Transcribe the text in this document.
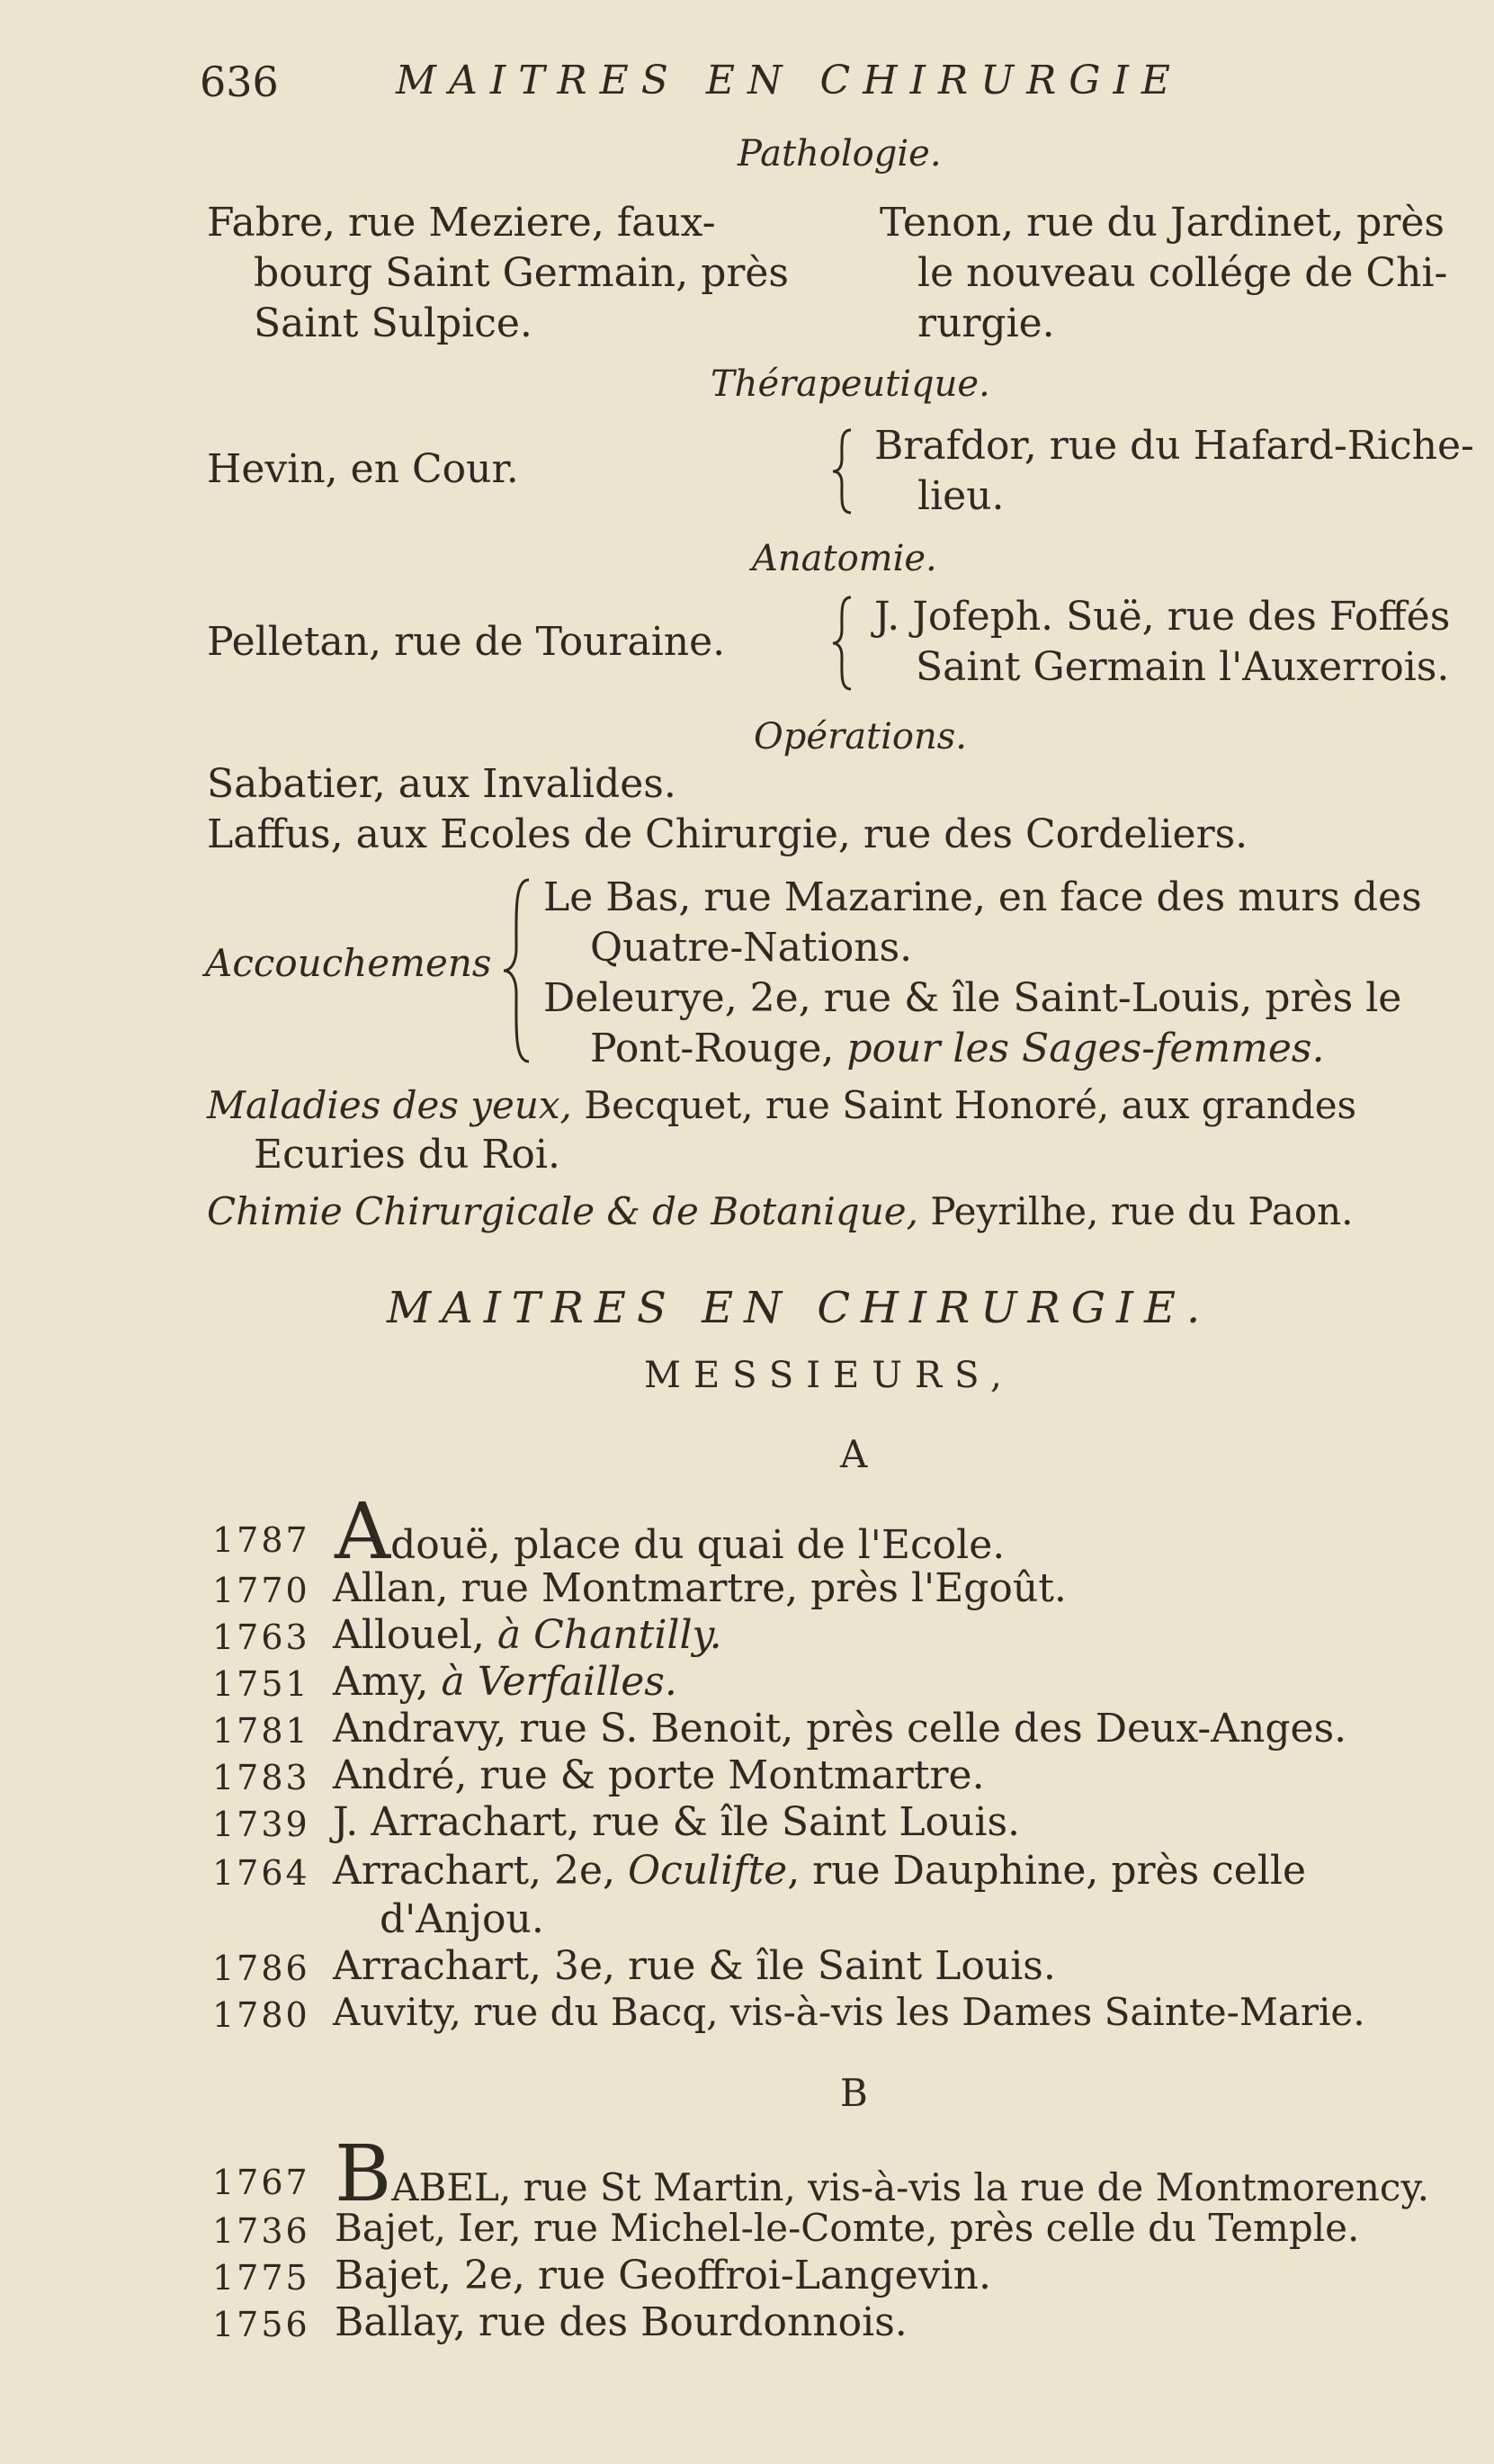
636	MAITRES EN CHIRURGIE
Pathologie.
Fabre, rue Meziere, faux-
bourg Saint Germain, près
Saint Sulpice.
Tenon, rue du Jardinet, près
le nouveau collége de Chi-
rurgie.
Thérapeutique.
Hevin, en Cour.
Brafdor, rue du Hafard-Riche-
lieu.
Anatomie.
Pelletan, rue de Touraine.
J. Jofeph. Suë, rue des Foffés
Saint Germain l'Auxerrois.
Opérations.
Sabatier, aux Invalides.
Laffus, aux Ecoles de Chirurgie, rue des Cordeliers.
Accouchemens
Le Bas, rue Mazarine, en face des murs des
Quatre-Nations.
Deleurye, 2e, rue & île Saint-Louis, près le
Pont-Rouge, pour les Sages-femmes.
Maladies des yeux, Becquet, rue Saint Honoré, aux grandes
Ecuries du Roi.
Chimie Chirurgicale & de Botanique, Peyrilhe, rue du Paon.
MAITRES EN CHIRURGIE.
MESSIEURS,
A
1787 Adouë, place du quai de l'Ecole.
1770 Allan, rue Montmartre, près l'Egoût.
1763 Allouel, à Chantilly.
1751 Amy, à Verfailles.
1781 Andravy, rue S. Benoit, près celle des Deux-Anges.
1783 André, rue & porte Montmartre.
1739 J. Arrachart, rue & île Saint Louis.
1764 Arrachart, 2e, Oculifte, rue Dauphine, près celle
d'Anjou.
1786 Arrachart, 3e, rue & île Saint Louis.
1780 Auvity, rue du Bacq, vis-à-vis les Dames Sainte-Marie.
B
1767 BABEL, rue St Martin, vis-à-vis la rue de Montmorency.
1736 Bajet, Ier, rue Michel-le-Comte, près celle du Temple.
1775 Bajet, 2e, rue Geoffroi-Langevin.
1756 Ballay, rue des Bourdonnois.
